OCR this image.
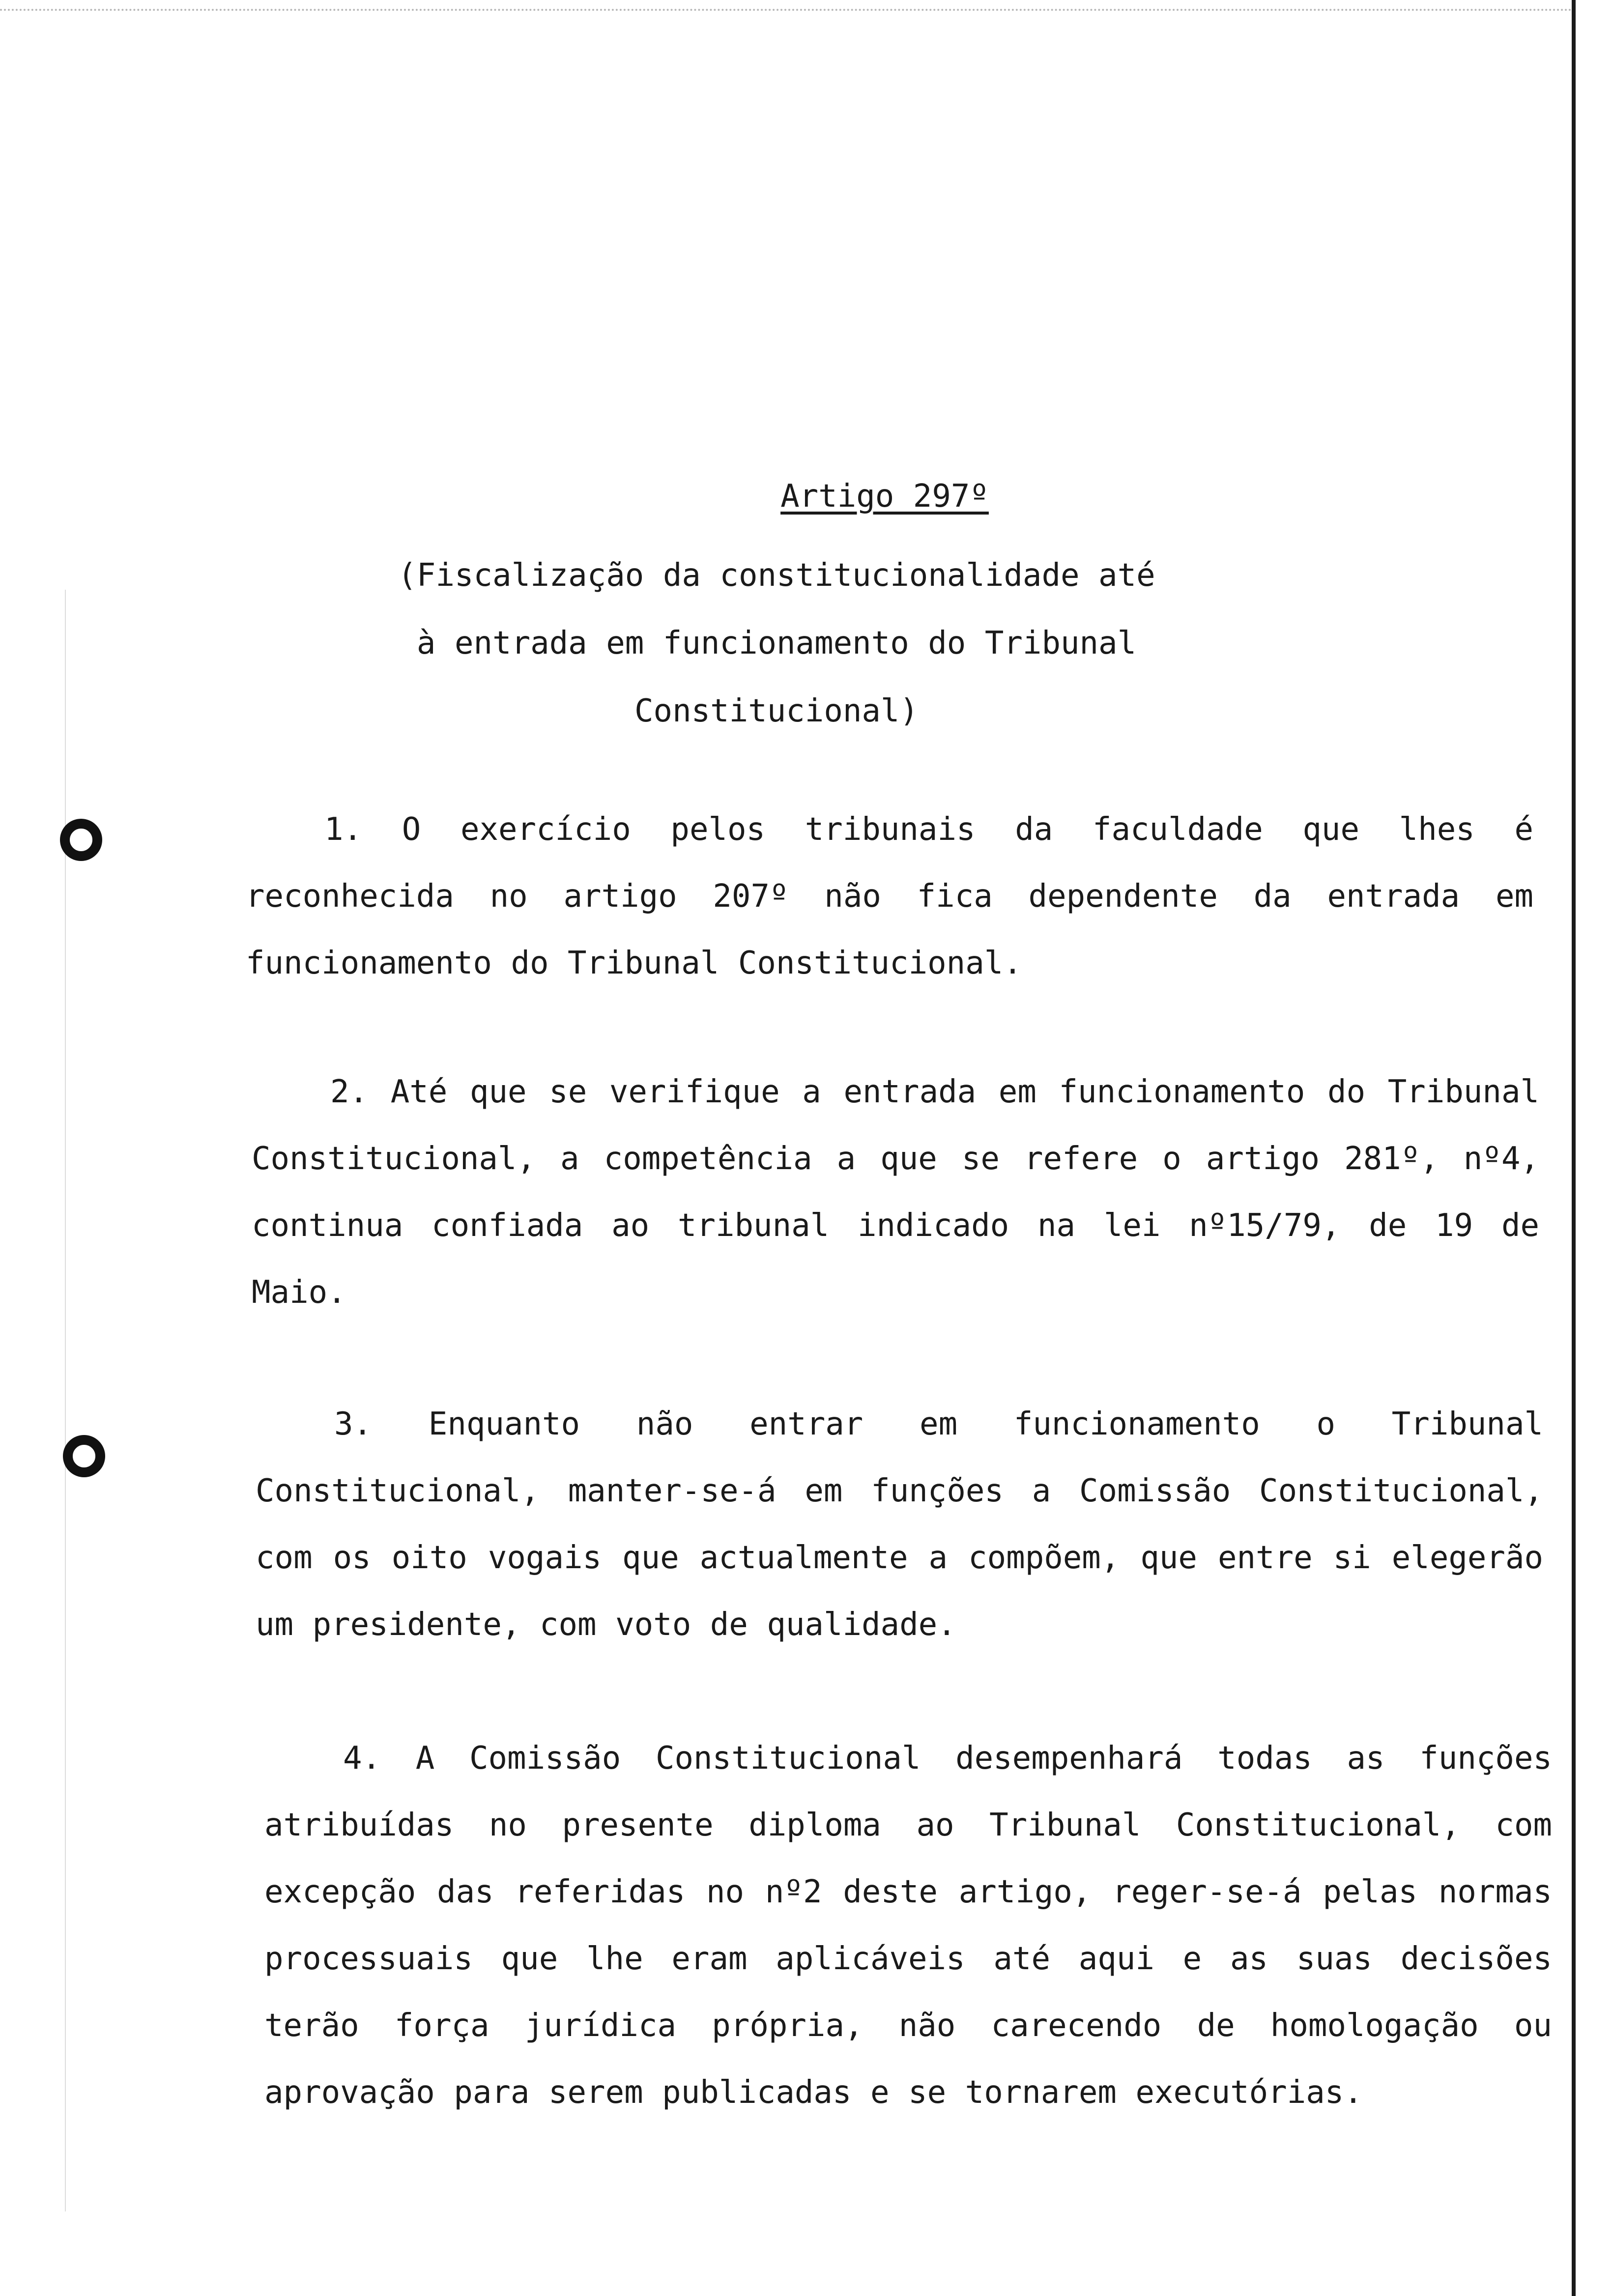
Artigo 297º
(Fiscalização da constitucionalidade até
à entrada em funcionamento do Tribunal
Constitucional)

1. O exercício pelos tribunais da faculdade que lhes é reconhecida no artigo 207º não fica dependente da entrada em funcionamento do Tribunal Constitucional.

2. Até que se verifique a entrada em funcionamento do Tribunal Constitucional, a competência a que se refere o artigo 281º, nº4, continua confiada ao tribunal indicado na lei nº15/79, de 19 de Maio.

3. Enquanto não entrar em funcionamento o Tribunal Constitucional, manter-se-á em funções a Comissão Constitucional, com os oito vogais que actualmente a compõem, que entre si elegerão um presidente, com voto de qualidade.

4. A Comissão Constitucional desempenhará todas as funções atribuídas no presente diploma ao Tribunal Constitucional, com excepção das referidas no nº2 deste artigo, reger-se-á pelas normas processuais que lhe eram aplicáveis até aqui e as suas decisões terão força jurídica própria, não carecendo de homologação ou aprovação para serem publicadas e se tornarem executórias.
